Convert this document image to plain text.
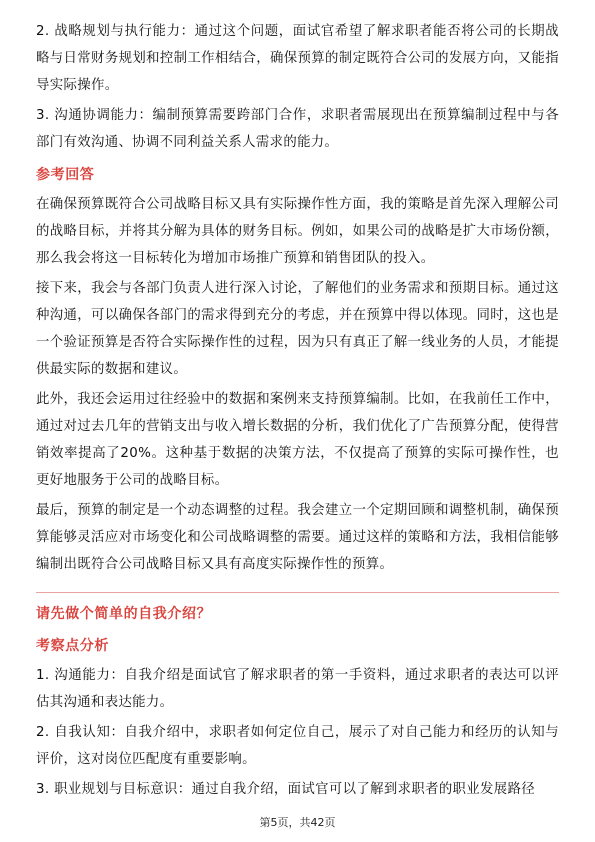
2. 战略规划与执行能力：通过这个问题，面试官希望了解求职者能否将公司的长期战略与日常财务规划和控制工作相结合，确保预算的制定既符合公司的发展方向，又能指导实际操作。

3. 沟通协调能力：编制预算需要跨部门合作，求职者需展现出在预算编制过程中与各部门有效沟通、协调不同利益关系人需求的能力。

参考回答

在确保预算既符合公司战略目标又具有实际操作性方面，我的策略是首先深入理解公司的战略目标，并将其分解为具体的财务目标。例如，如果公司的战略是扩大市场份额，那么我会将这一目标转化为增加市场推广预算和销售团队的投入。

接下来，我会与各部门负责人进行深入讨论，了解他们的业务需求和预期目标。通过这种沟通，可以确保各部门的需求得到充分的考虑，并在预算中得以体现。同时，这也是一个验证预算是否符合实际操作性的过程，因为只有真正了解一线业务的人员，才能提供最实际的数据和建议。

此外，我还会运用过往经验中的数据和案例来支持预算编制。比如，在我前任工作中，通过对过去几年的营销支出与收入增长数据的分析，我们优化了广告预算分配，使得营销效率提高了20%。这种基于数据的决策方法，不仅提高了预算的实际可操作性，也更好地服务于公司的战略目标。

最后，预算的制定是一个动态调整的过程。我会建立一个定期回顾和调整机制，确保预算能够灵活应对市场变化和公司战略调整的需要。通过这样的策略和方法，我相信能够编制出既符合公司战略目标又具有高度实际操作性的预算。

请先做个简单的自我介绍？
考察点分析

1. 沟通能力：自我介绍是面试官了解求职者的第一手资料，通过求职者的表达可以评估其沟通和表达能力。

2. 自我认知：自我介绍中，求职者如何定位自己，展示了对自己能力和经历的认知与评价，这对岗位匹配度有重要影响。

3. 职业规划与目标意识：通过自我介绍，面试官可以了解到求职者的职业发展路径

第5页，共42页
